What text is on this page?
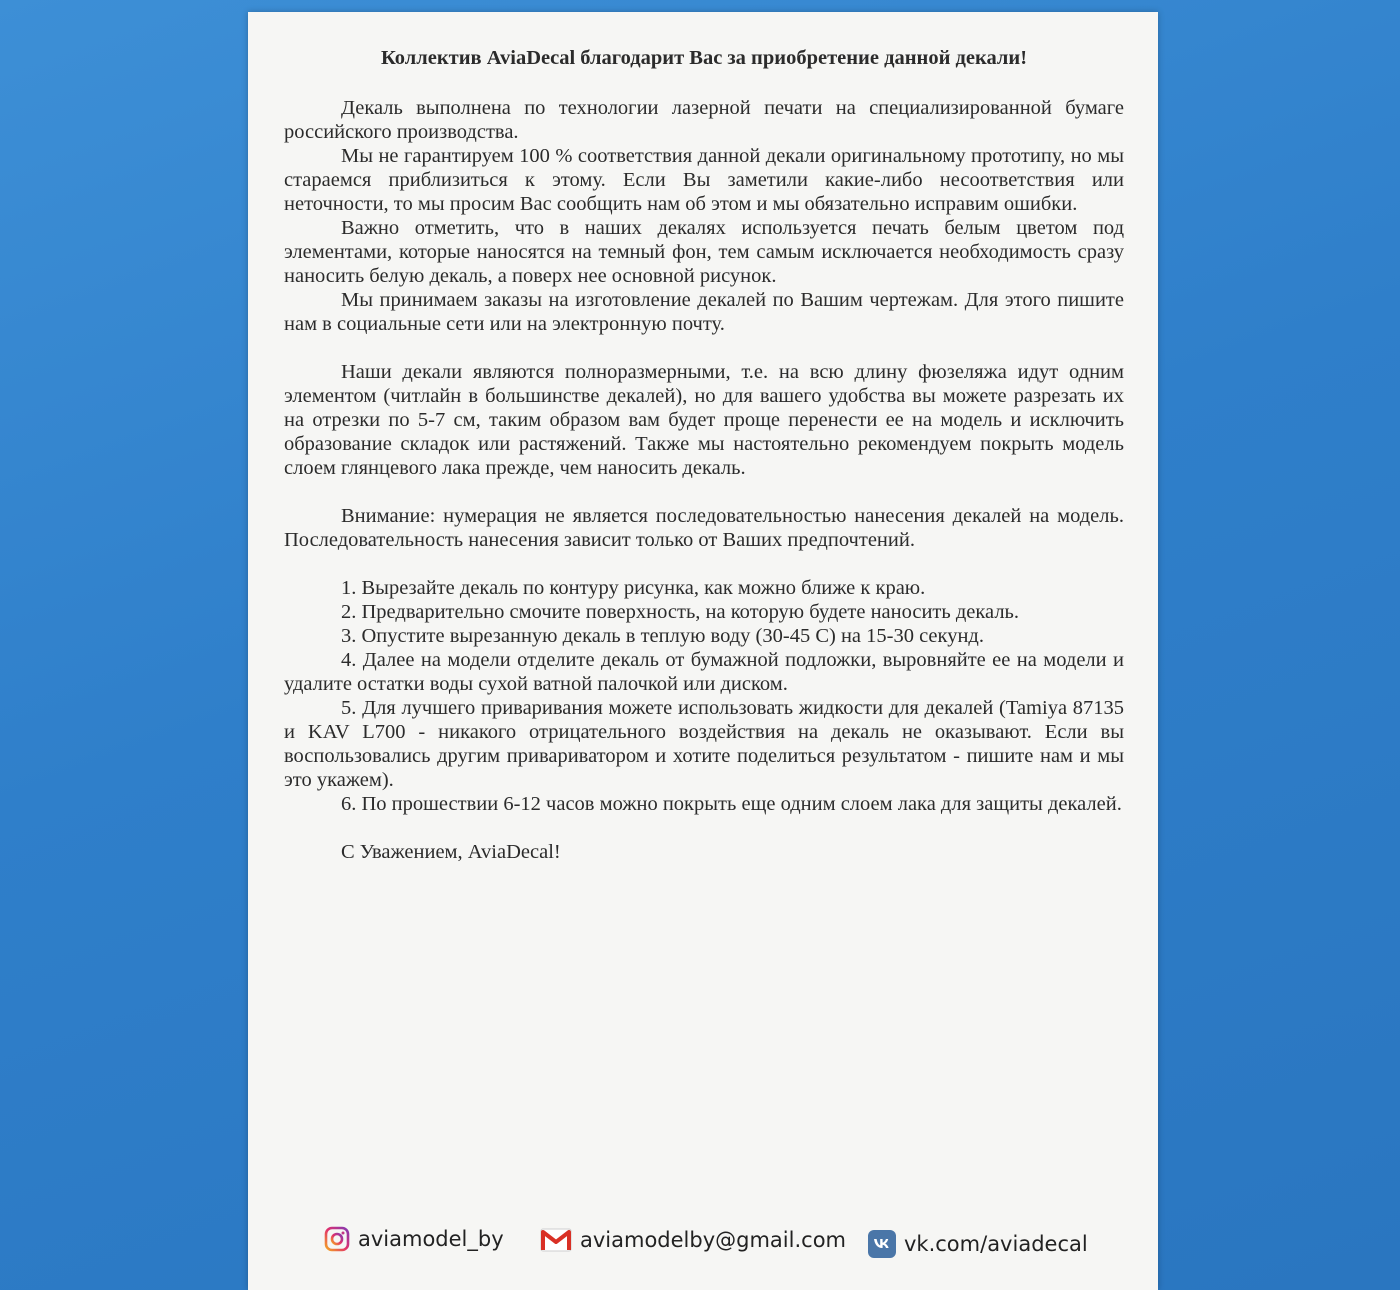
Коллектив AviaDecal благодарит Вас за приобретение данной декали!

Декаль выполнена по технологии лазерной печати на специализированной бумаге российского производства.

Мы не гарантируем 100 % соответствия данной декали оригинальному прототипу, но мы стараемся приблизиться к этому. Если Вы заметили какие-либо несоответствия или неточности, то мы просим Вас сообщить нам об этом и мы обязательно исправим ошибки.

Важно отметить, что в наших декалях используется печать белым цветом под элементами, которые наносятся на темный фон, тем самым исключается необходимость сразу наносить белую декаль, а поверх нее основной рисунок.

Мы принимаем заказы на изготовление декалей по Вашим чертежам. Для этого пишите нам в социальные сети или на электронную почту.

Наши декали являются полноразмерными, т.е. на всю длину фюзеляжа идут одним элементом (читлайн в большинстве декалей), но для вашего удобства вы можете разрезать их на отрезки по 5-7 см, таким образом вам будет проще перенести ее на модель и исключить образование складок или растяжений. Также мы настоятельно рекомендуем покрыть модель слоем глянцевого лака прежде, чем наносить декаль.

Внимание: нумерация не является последовательностью нанесения декалей на модель. Последовательность нанесения зависит только от Ваших предпочтений.

1. Вырезайте декаль по контуру рисунка, как можно ближе к краю.

2. Предварительно смочите поверхность, на которую будете наносить декаль.

3. Опустите вырезанную декаль в теплую воду (30-45 С) на 15-30 секунд.

4. Далее на модели отделите декаль от бумажной подложки, выровняйте ее на модели и удалите остатки воды сухой ватной палочкой или диском.

5. Для лучшего приваривания можете использовать жидкости для декалей (Tamiya 87135 и KAV L700 - никакого отрицательного воздействия на декаль не оказывают. Если вы воспользовались другим привариватором и хотите поделиться результатом - пишите нам и мы это укажем).

6. По прошествии 6-12 часов можно покрыть еще одним слоем лака для защиты декалей.

С Уважением, AviaDecal!

aviamodel_by	aviamodelby@gmail.com	vk.com/aviadecal
